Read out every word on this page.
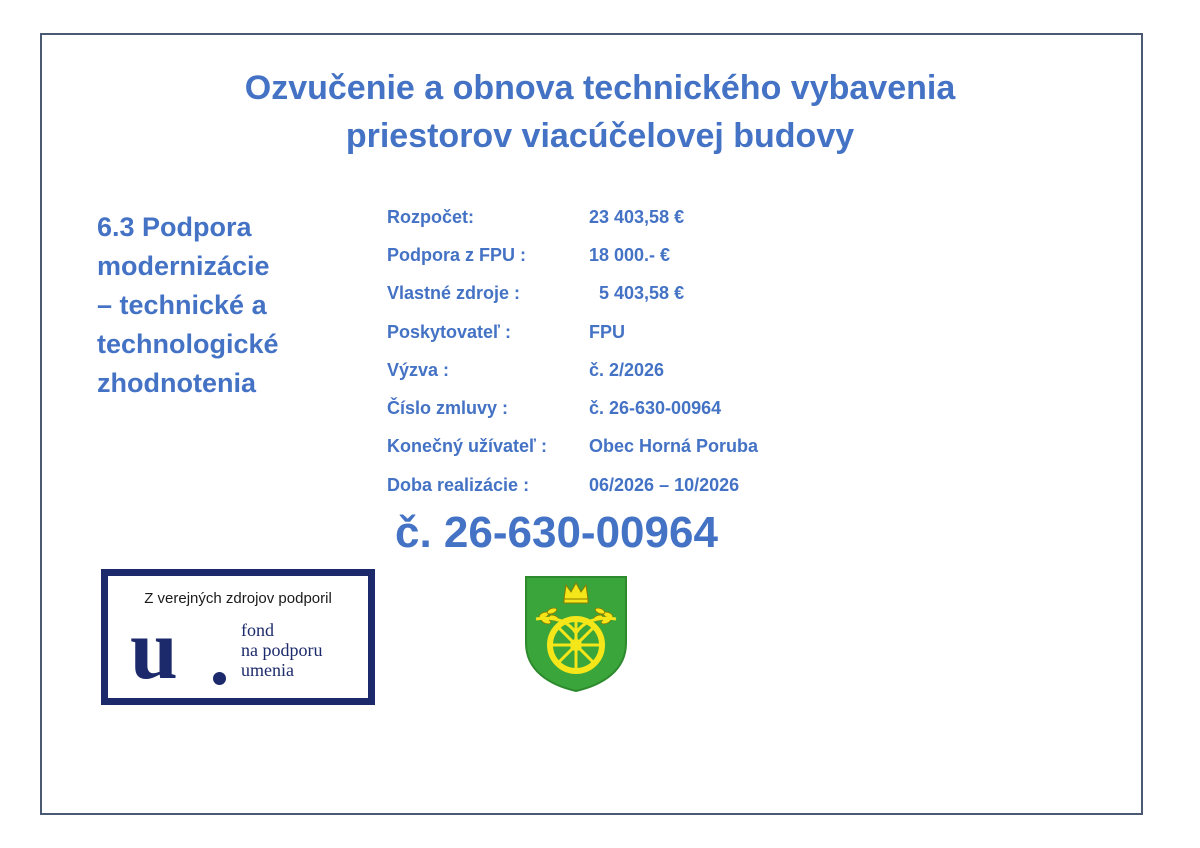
Ozvučenie a obnova technického vybavenia
priestorov viacúčelovej budovy
6.3 Podpora
modernizácie
– technické a
technologické
zhodnotenia
Rozpočet:	23 403,58 €
Podpora z FPU :	18 000.- €
Vlastné zdroje :	5 403,58 €
Poskytovateľ :	FPU
Výzva :	č. 2/2026
Číslo zmluvy :	č. 26-630-00964
Konečný užívateľ :	Obec Horná Poruba
Doba realizácie :	06/2026 – 10/2026
č. 26-630-00964
Z verejných zdrojov podporil
u	fond
na podporu
umenia
